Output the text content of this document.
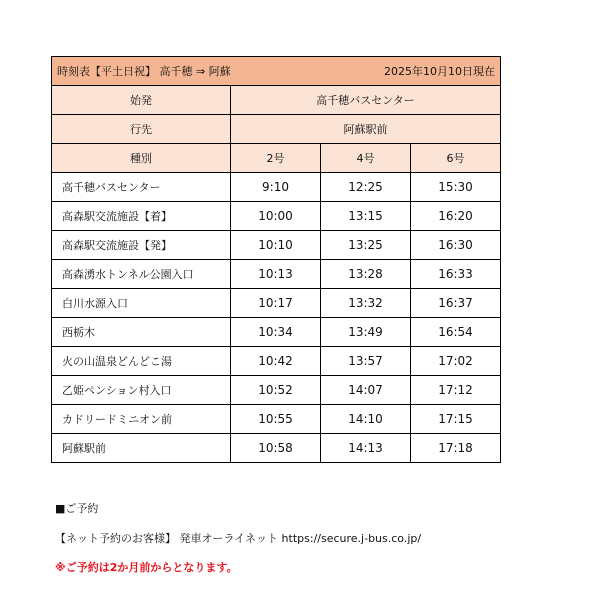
時刻表【平土日祝】 高千穂 ⇒ 阿蘇 2025年10月10日現在			

始発	高千穂バスセンター		
行先	阿蘇駅前		
種別	2号	4号	6号
高千穂バスセンター	9:10	12:25	15:30
高森駅交流施設【着】	10:00	13:15	16:20
高森駅交流施設【発】	10:10	13:25	16:30
高森湧水トンネル公園入口	10:13	13:28	16:33
白川水源入口	10:17	13:32	16:37
西栃木	10:34	13:49	16:54
火の山温泉どんどこ湯	10:42	13:57	17:02
乙姫ペンション村入口	10:52	14:07	17:12
カドリードミニオン前	10:55	14:10	17:15
阿蘇駅前	10:58	14:13	17:18
■ご予約
【ネット予約のお客様】 発車オーライネット https://secure.j-bus.co.jp/
※ご予約は2か月前からとなります。
